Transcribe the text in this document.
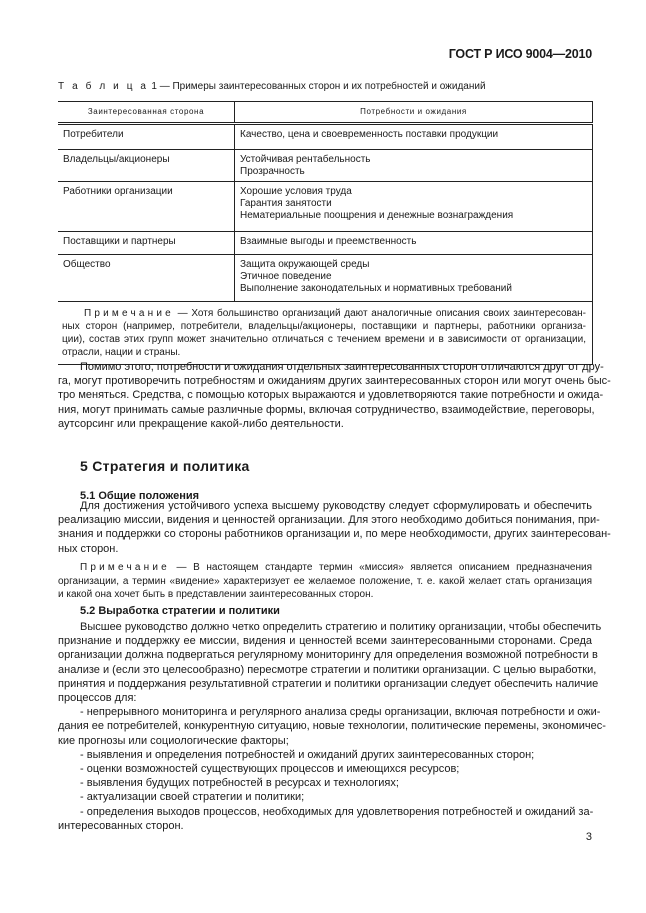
ГОСТ Р ИСО 9004—2010
Т а б л и ц а 1 — Примеры заинтересованных сторон и их потребностей и ожиданий
Заинтересованная сторона	Потребности и ожидания
Потребители	Качество, цена и своевременность поставки продукции

Владельцы/акционеры	Устойчивая рентабельность
Прозрачность

Работники организации	Хорошие условия труда
Гарантия занятости
Нематериальные поощрения и денежные вознаграждения

Поставщики и партнеры	Взаимные выгоды и преемственность

Общество	Защита окружающей среды
Этичное поведение
Выполнение законодательных и нормативных требований

Примечание — Хотя большинство организаций дают аналогичные описания своих заинтересован-
ных сторон (например, потребители, владельцы/акционеры, поставщики и партнеры, работники организа-
ции), состав этих групп может значительно отличаться с течением времени и в зависимости от организации,
отрасли, нации и страны.	
Помимо этого, потребности и ожидания отдельных заинтересованных сторон отличаются друг от дру-
га, могут противоречить потребностям и ожиданиям других заинтересованных сторон или могут очень быс-
тро меняться. Средства, с помощью которых выражаются и удовлетворяются такие потребности и ожида-
ния, могут принимать самые различные формы, включая сотрудничество, взаимодействие, переговоры,
аутсорсинг или прекращение какой-либо деятельности.
5 Стратегия и политика
5.1 Общие положения
Для достижения устойчивого успеха высшему руководству следует сформулировать и обеспечить
реализацию миссии, видения и ценностей организации. Для этого необходимо добиться понимания, при-
знания и поддержки со стороны работников организации и, по мере необходимости, других заинтересован-
ных сторон.
Примечание — В настоящем стандарте термин «миссия» является описанием предназначения
организации, а термин «видение» характеризует ее желаемое положение, т. е. какой желает стать организация
и какой она хочет быть в представлении заинтересованных сторон.
5.2 Выработка стратегии и политики
Высшее руководство должно четко определить стратегию и политику организации, чтобы обеспечить
признание и поддержку ее миссии, видения и ценностей всеми заинтересованными сторонами. Среда
организации должна подвергаться регулярному мониторингу для определения возможной потребности в
анализе и (если это целесообразно) пересмотре стратегии и политики организации. С целью выработки,
принятия и поддержания результативной стратегии и политики организации следует обеспечить наличие
процессов для:
- непрерывного мониторинга и регулярного анализа среды организации, включая потребности и ожи-
дания ее потребителей, конкурентную ситуацию, новые технологии, политические перемены, экономичес-
кие прогнозы или социологические факторы;
- выявления и определения потребностей и ожиданий других заинтересованных сторон;
- оценки возможностей существующих процессов и имеющихся ресурсов;
- выявления будущих потребностей в ресурсах и технологиях;
- актуализации своей стратегии и политики;
- определения выходов процессов, необходимых для удовлетворения потребностей и ожиданий за-
интересованных сторон.
3
